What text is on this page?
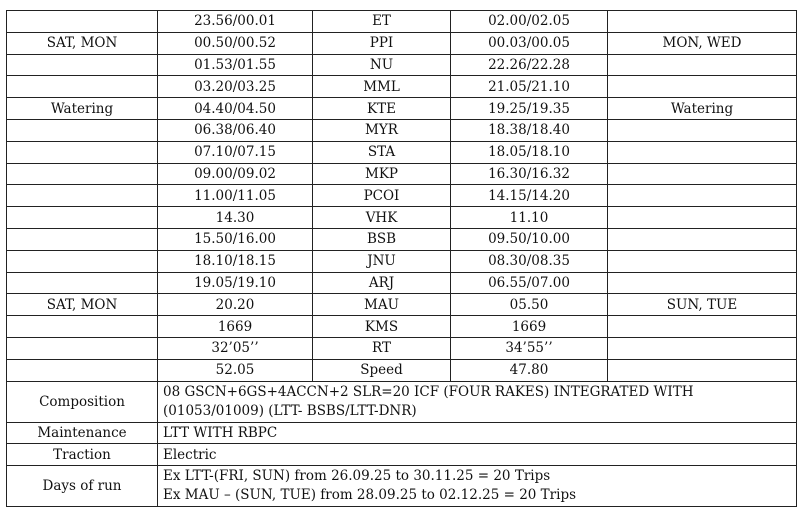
	23.56/00.01	ET	02.00/02.05	
SAT, MON	00.50/00.52	PPI	00.03/00.05	MON, WED
	01.53/01.55	NU	22.26/22.28	
	03.20/03.25	MML	21.05/21.10	
Watering	04.40/04.50	KTE	19.25/19.35	Watering
	06.38/06.40	MYR	18.38/18.40	
	07.10/07.15	STA	18.05/18.10	
	09.00/09.02	MKP	16.30/16.32	
	11.00/11.05	PCOI	14.15/14.20	
	14.30	VHK	11.10	
	15.50/16.00	BSB	09.50/10.00	
	18.10/18.15	JNU	08.30/08.35	
	19.05/19.10	ARJ	06.55/07.00	
SAT, MON	20.20	MAU	05.50	SUN, TUE
	1669	KMS	1669	
	32’05’’	RT	34’55’’	
	52.05	Speed	47.80	
Composition	08 GSCN+6GS+4ACCN+2 SLR=20 ICF (FOUR RAKES) INTEGRATED WITH
(01053/01009) (LTT- BSBS/LTT-DNR)			

Maintenance	LTT WITH RBPC			
Traction	Electric			
Days of run	Ex LTT-(FRI, SUN) from 26.09.25 to 30.11.25 = 20 Trips
Ex MAU – (SUN, TUE) from 28.09.25 to 02.12.25 = 20 Trips			
